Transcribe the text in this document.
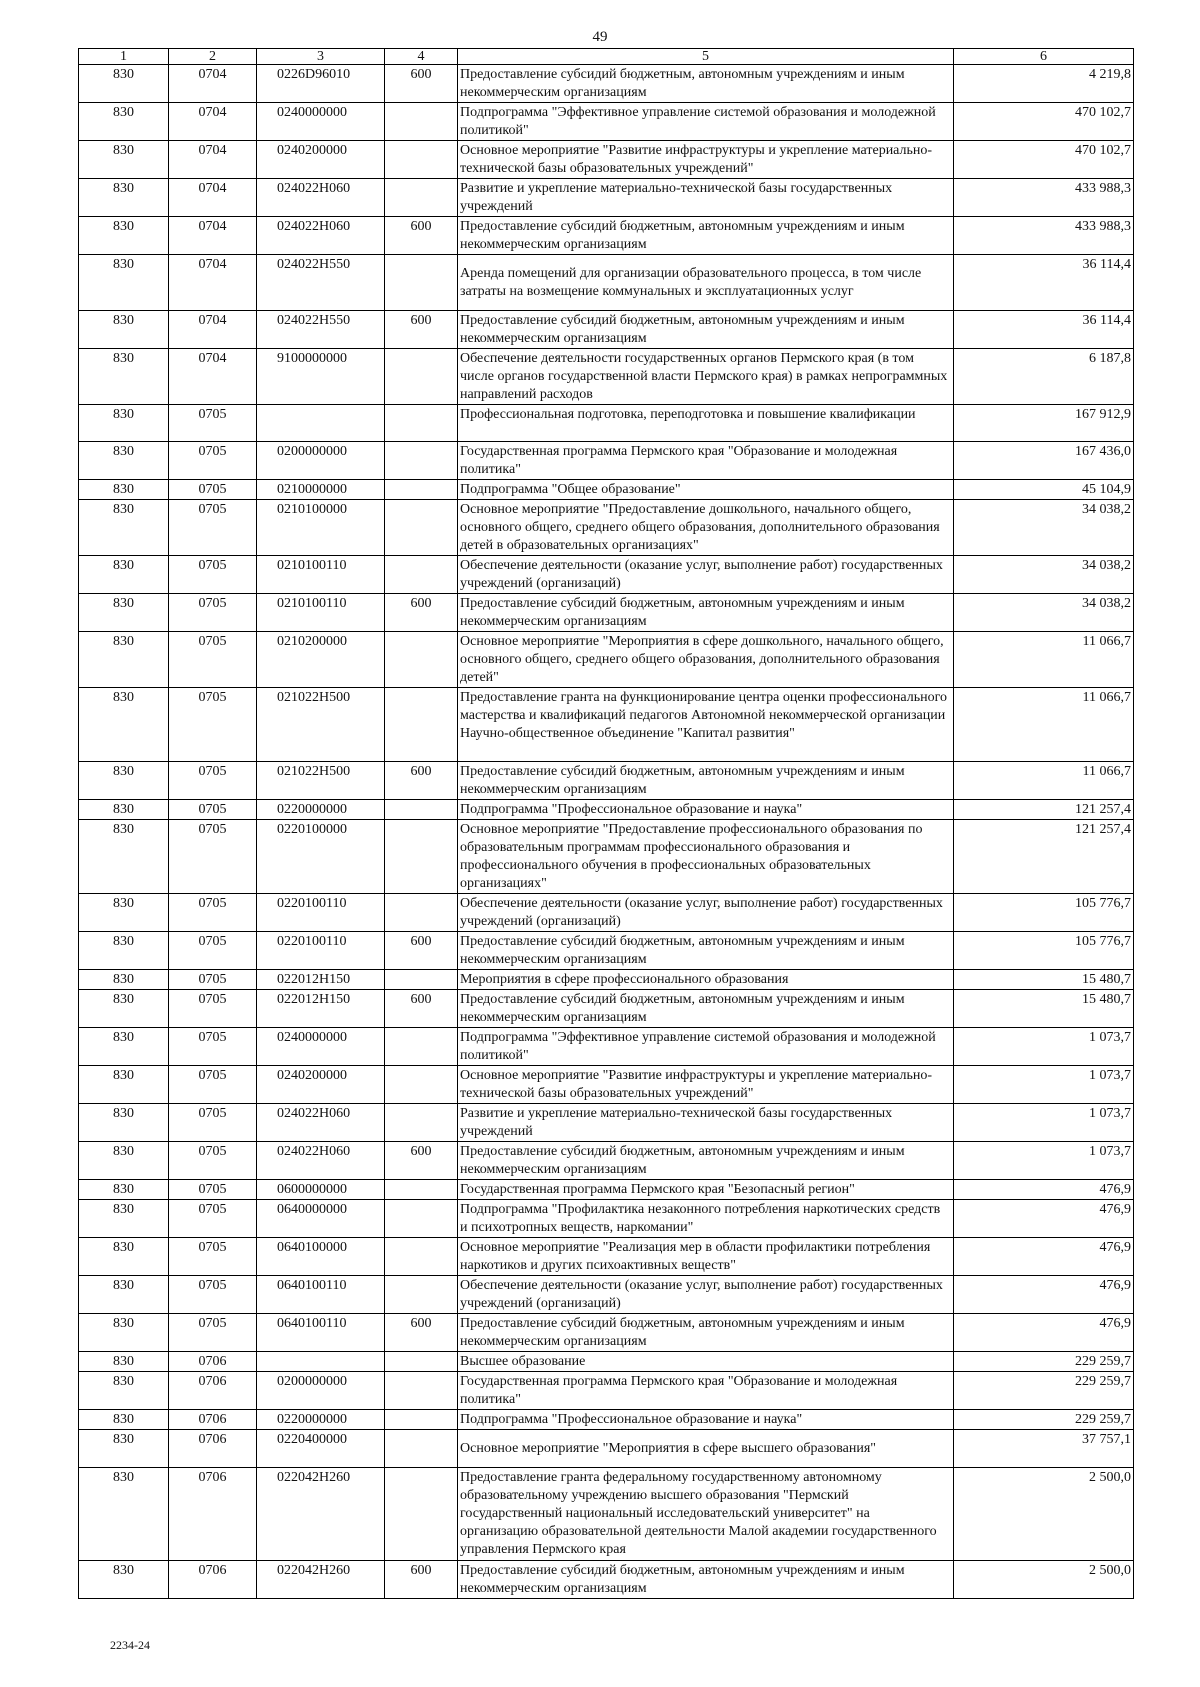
49
1	2	3	4	5	6
830	0704	0226D96010	600	Предоставление субсидий бюджетным, автономным учреждениям и иным некоммерческим организациям	4 219,8
830	0704	0240000000		Подпрограмма "Эффективное управление системой образования и молодежной политикой"	470 102,7
830	0704	0240200000		Основное мероприятие "Развитие инфраструктуры и укрепление материально-технической базы образовательных учреждений"	470 102,7
830	0704	024022H060		Развитие и укрепление материально-технической базы государственных учреждений	433 988,3
830	0704	024022H060	600	Предоставление субсидий бюджетным, автономным учреждениям и иным некоммерческим организациям	433 988,3
830	0704	024022H550		Аренда помещений для организации образовательного процесса, в том числе затраты на возмещение коммунальных и эксплуатационных услуг	36 114,4
830	0704	024022H550	600	Предоставление субсидий бюджетным, автономным учреждениям и иным некоммерческим организациям	36 114,4
830	0704	9100000000		Обеспечение деятельности государственных органов Пермского края (в том числе органов государственной власти Пермского края) в рамках непрограммных направлений расходов	6 187,8
830	0705			Профессиональная подготовка, переподготовка и повышение квалификации	167 912,9
830	0705	0200000000		Государственная программа Пермского края "Образование и молодежная политика"	167 436,0
830	0705	0210000000		Подпрограмма "Общее образование"	45 104,9
830	0705	0210100000		Основное мероприятие "Предоставление дошкольного, начального общего, основного общего, среднего общего образования, дополнительного образования детей в образовательных организациях"	34 038,2
830	0705	0210100110		Обеспечение деятельности (оказание услуг, выполнение работ) государственных учреждений (организаций)	34 038,2
830	0705	0210100110	600	Предоставление субсидий бюджетным, автономным учреждениям и иным некоммерческим организациям	34 038,2
830	0705	0210200000		Основное мероприятие "Мероприятия в сфере дошкольного, начального общего, основного общего, среднего общего образования, дополнительного образования детей"	11 066,7
830	0705	021022H500		Предоставление гранта на функционирование центра оценки профессионального мастерства и квалификаций педагогов Автономной некоммерческой организации Научно-общественное объединение "Капитал развития"	11 066,7
830	0705	021022H500	600	Предоставление субсидий бюджетным, автономным учреждениям и иным некоммерческим организациям	11 066,7
830	0705	0220000000		Подпрограмма "Профессиональное образование и наука"	121 257,4
830	0705	0220100000		Основное мероприятие "Предоставление профессионального образования по образовательным программам профессионального образования и профессионального обучения в профессиональных образовательных организациях"	121 257,4
830	0705	0220100110		Обеспечение деятельности (оказание услуг, выполнение работ) государственных учреждений (организаций)	105 776,7
830	0705	0220100110	600	Предоставление субсидий бюджетным, автономным учреждениям и иным некоммерческим организациям	105 776,7
830	0705	022012H150		Мероприятия в сфере профессионального образования	15 480,7
830	0705	022012H150	600	Предоставление субсидий бюджетным, автономным учреждениям и иным некоммерческим организациям	15 480,7
830	0705	0240000000		Подпрограмма "Эффективное управление системой образования и молодежной политикой"	1 073,7
830	0705	0240200000		Основное мероприятие "Развитие инфраструктуры и укрепление материально-технической базы образовательных учреждений"	1 073,7
830	0705	024022H060		Развитие и укрепление материально-технической базы государственных учреждений	1 073,7
830	0705	024022H060	600	Предоставление субсидий бюджетным, автономным учреждениям и иным некоммерческим организациям	1 073,7
830	0705	0600000000		Государственная программа Пермского края "Безопасный регион"	476,9
830	0705	0640000000		Подпрограмма "Профилактика незаконного потребления наркотических средств и психотропных веществ, наркомании"	476,9
830	0705	0640100000		Основное мероприятие "Реализация мер в области профилактики потребления наркотиков и других психоактивных веществ"	476,9
830	0705	0640100110		Обеспечение деятельности (оказание услуг, выполнение работ) государственных учреждений (организаций)	476,9
830	0705	0640100110	600	Предоставление субсидий бюджетным, автономным учреждениям и иным некоммерческим организациям	476,9
830	0706			Высшее образование	229 259,7
830	0706	0200000000		Государственная программа Пермского края "Образование и молодежная политика"	229 259,7
830	0706	0220000000		Подпрограмма "Профессиональное образование и наука"	229 259,7
830	0706	0220400000		Основное мероприятие "Мероприятия в сфере высшего образования"	37 757,1
830	0706	022042H260		Предоставление гранта федеральному государственному автономному образовательному учреждению высшего образования "Пермский государственный национальный исследовательский университет" на организацию образовательной деятельности Малой академии государственного управления Пермского края	2 500,0
830	0706	022042H260	600	Предоставление субсидий бюджетным, автономным учреждениям и иным некоммерческим организациям	2 500,0
2234-24
